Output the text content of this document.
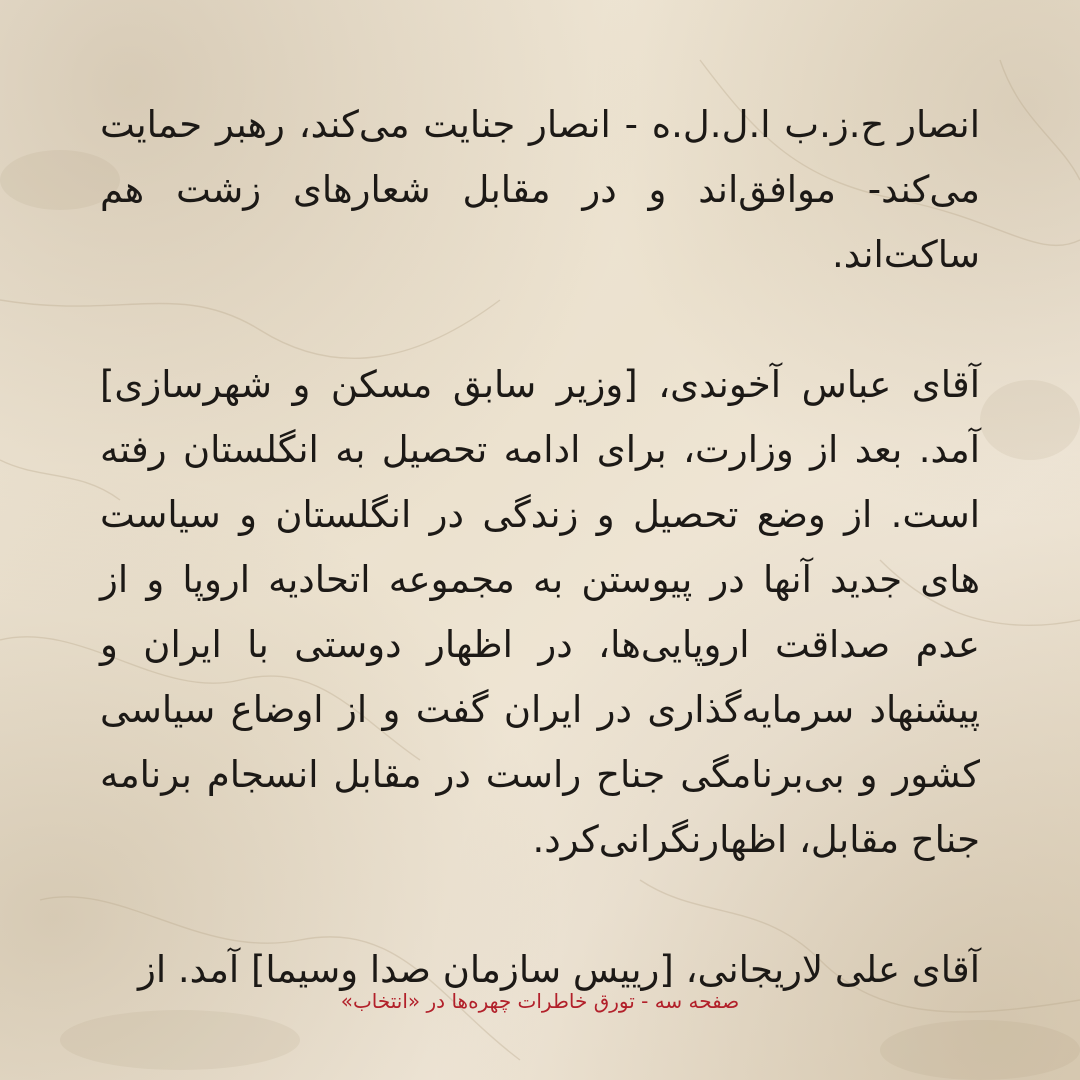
انصار ح.ز.ب ا.ل.ل.ه - انصار جنایت می‌کند، رهبر حمایت می‌کند- موافق‌اند و در مقابل شعارهای زشت هم ساکت‌اند.

آقای عباس آخوندی، [وزیر سابق مسکن و شهرسازی] آمد. بعد از وزارت، برای ادامه تحصیل به انگلستان رفته است. از وضع تحصیل و زندگی در انگلستان و سیاست های جدید آنها در پیوستن به مجموعه اتحادیه اروپا و از عدم صداقت اروپایی‌ها، در اظهار دوستی با ایران و پیشنهاد سرمایه‌گذاری در ایران گفت و از اوضاع سیاسی کشور و بی‌برنامگی جناح راست در مقابل انسجام برنامه جناح مقابل، اظهارنگرانی‌کرد.

آقای علی لاریجانی، [رییس سازمان صدا وسیما] آمد. از

صفحه سه - تورق خاطرات چهره‌ها در «انتخاب»
